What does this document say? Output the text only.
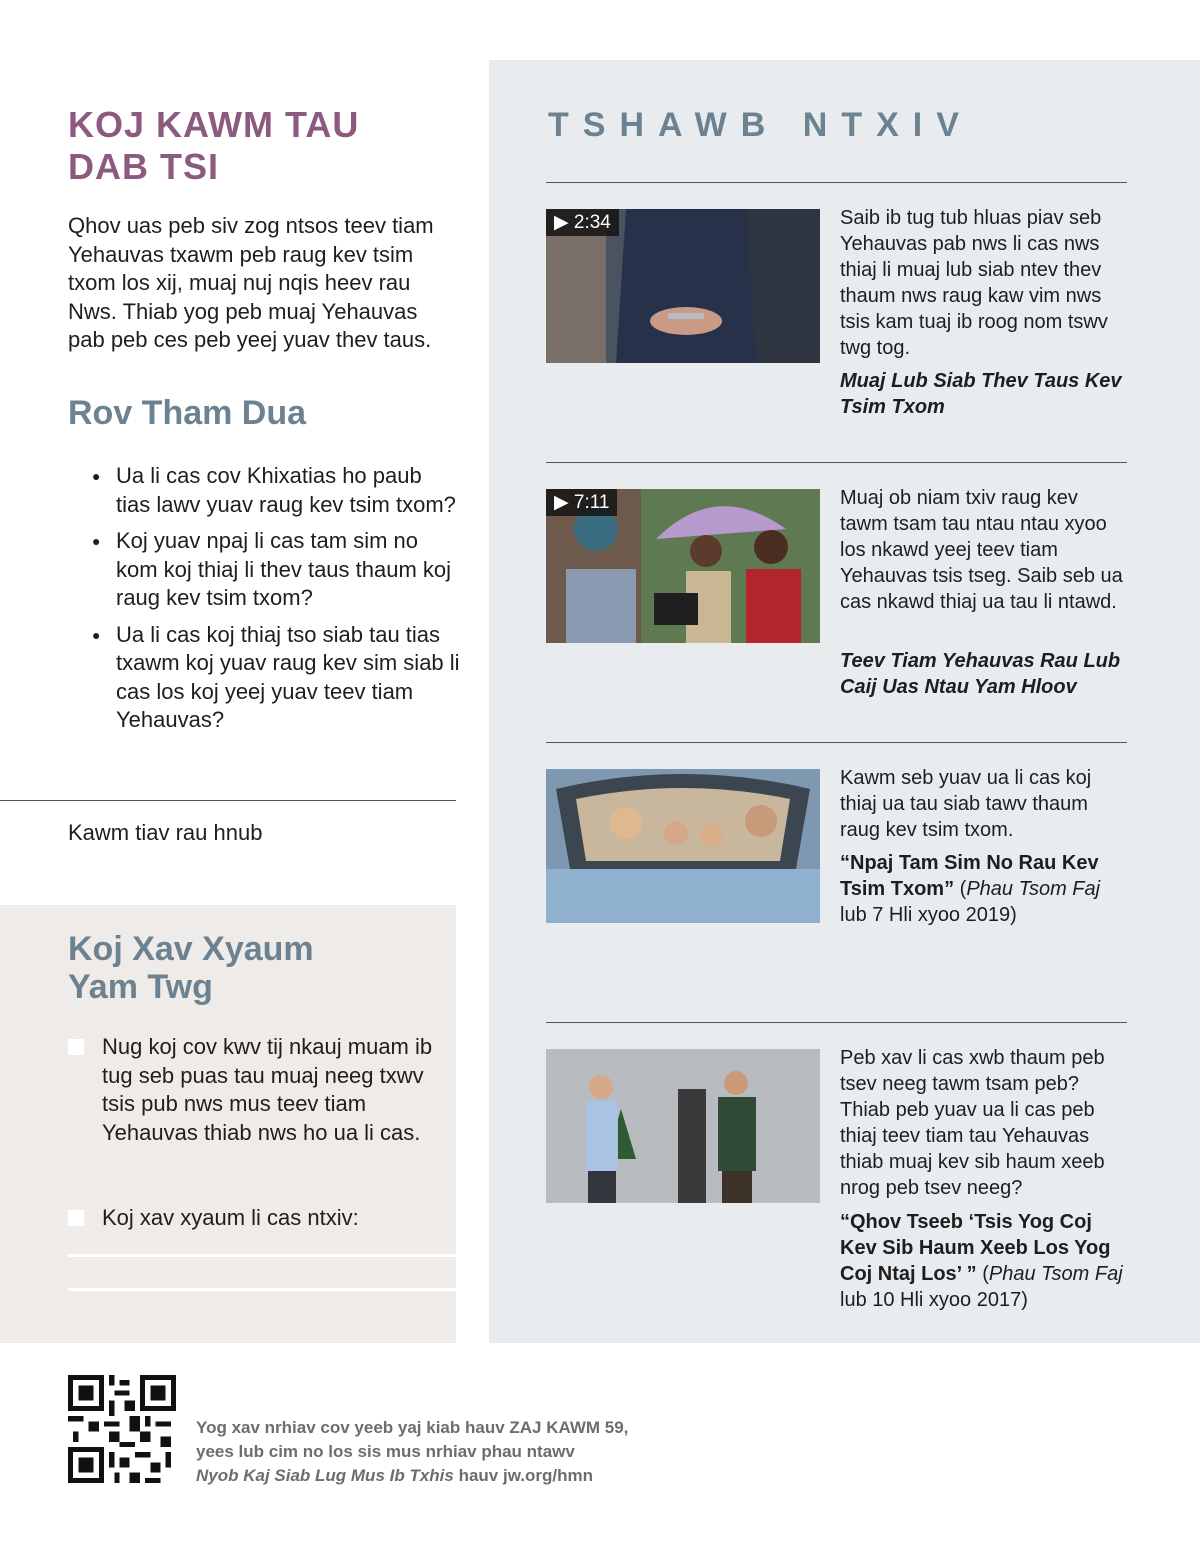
KOJ KAWM TAU
DAB TSI

Qhov uas peb siv zog ntsos teev tiam Yehauvas txawm peb raug kev tsim txom los xij, muaj nuj nqis heev rau Nws. Thiab yog peb muaj Yehauvas pab peb ces peb yeej yuav thev taus.

Rov Tham Dua
● Ua li cas cov Khixatias ho paub tias lawv yuav raug kev tsim txom?
● Koj yuav npaj li cas tam sim no kom koj thiaj li thev taus thaum koj raug kev tsim txom?
● Ua li cas koj thiaj tso siab tau tias txawm koj yuav raug kev sim siab li cas los koj yeej yuav teev tiam Yehauvas?
Kawm tiav rau hnub
Koj Xav Xyaum
Yam Twg
Nug koj cov kwv tij nkauj muam ib tug seb puas tau muaj neeg txwv tsis pub nws mus teev tiam Yehauvas thiab nws ho ua li cas.
Koj xav xyaum li cas ntxiv:
TSHAWB NTXIV
▶ 2:34	Saib ib tug tub hluas piav seb Yehauvas pab nws li cas nws thiaj li muaj lub siab ntev thev thaum nws raug kaw vim nws tsis kam tuaj ib roog nom tswv twg tog.

Muaj Lub Siab Thev Taus Kev Tsim Txom

▶ 7:11	Muaj ob niam txiv raug kev tawm tsam tau ntau ntau xyoo los nkawd yeej teev tiam Yehauvas tsis tseg. Saib seb ua cas nkawd thiaj ua tau li ntawd.

Teev Tiam Yehauvas Rau Lub Caij Uas Ntau Yam Hloov

Kawm seb yuav ua li cas koj thiaj ua tau siab tawv thaum raug kev tsim txom.

“Npaj Tam Sim No Rau Kev Tsim Txom” (Phau Tsom Faj lub 7 Hli xyoo 2019)

Peb xav li cas xwb thaum peb tsev neeg tawm tsam peb? Thiab peb yuav ua li cas peb thiaj teev tiam tau Yehauvas thiab muaj kev sib haum xeeb nrog peb tsev neeg?

“Qhov Tseeb ‘Tsis Yog Coj Kev Sib Haum Xeeb Los Yog Coj Ntaj Los’ ” (Phau Tsom Faj lub 10 Hli xyoo 2017)

Yog xav nrhiav cov yeeb yaj kiab hauv ZAJ KAWM 59,
yees lub cim no los sis mus nrhiav phau ntawv
Nyob Kaj Siab Lug Mus Ib Txhis hauv jw.org/hmn
